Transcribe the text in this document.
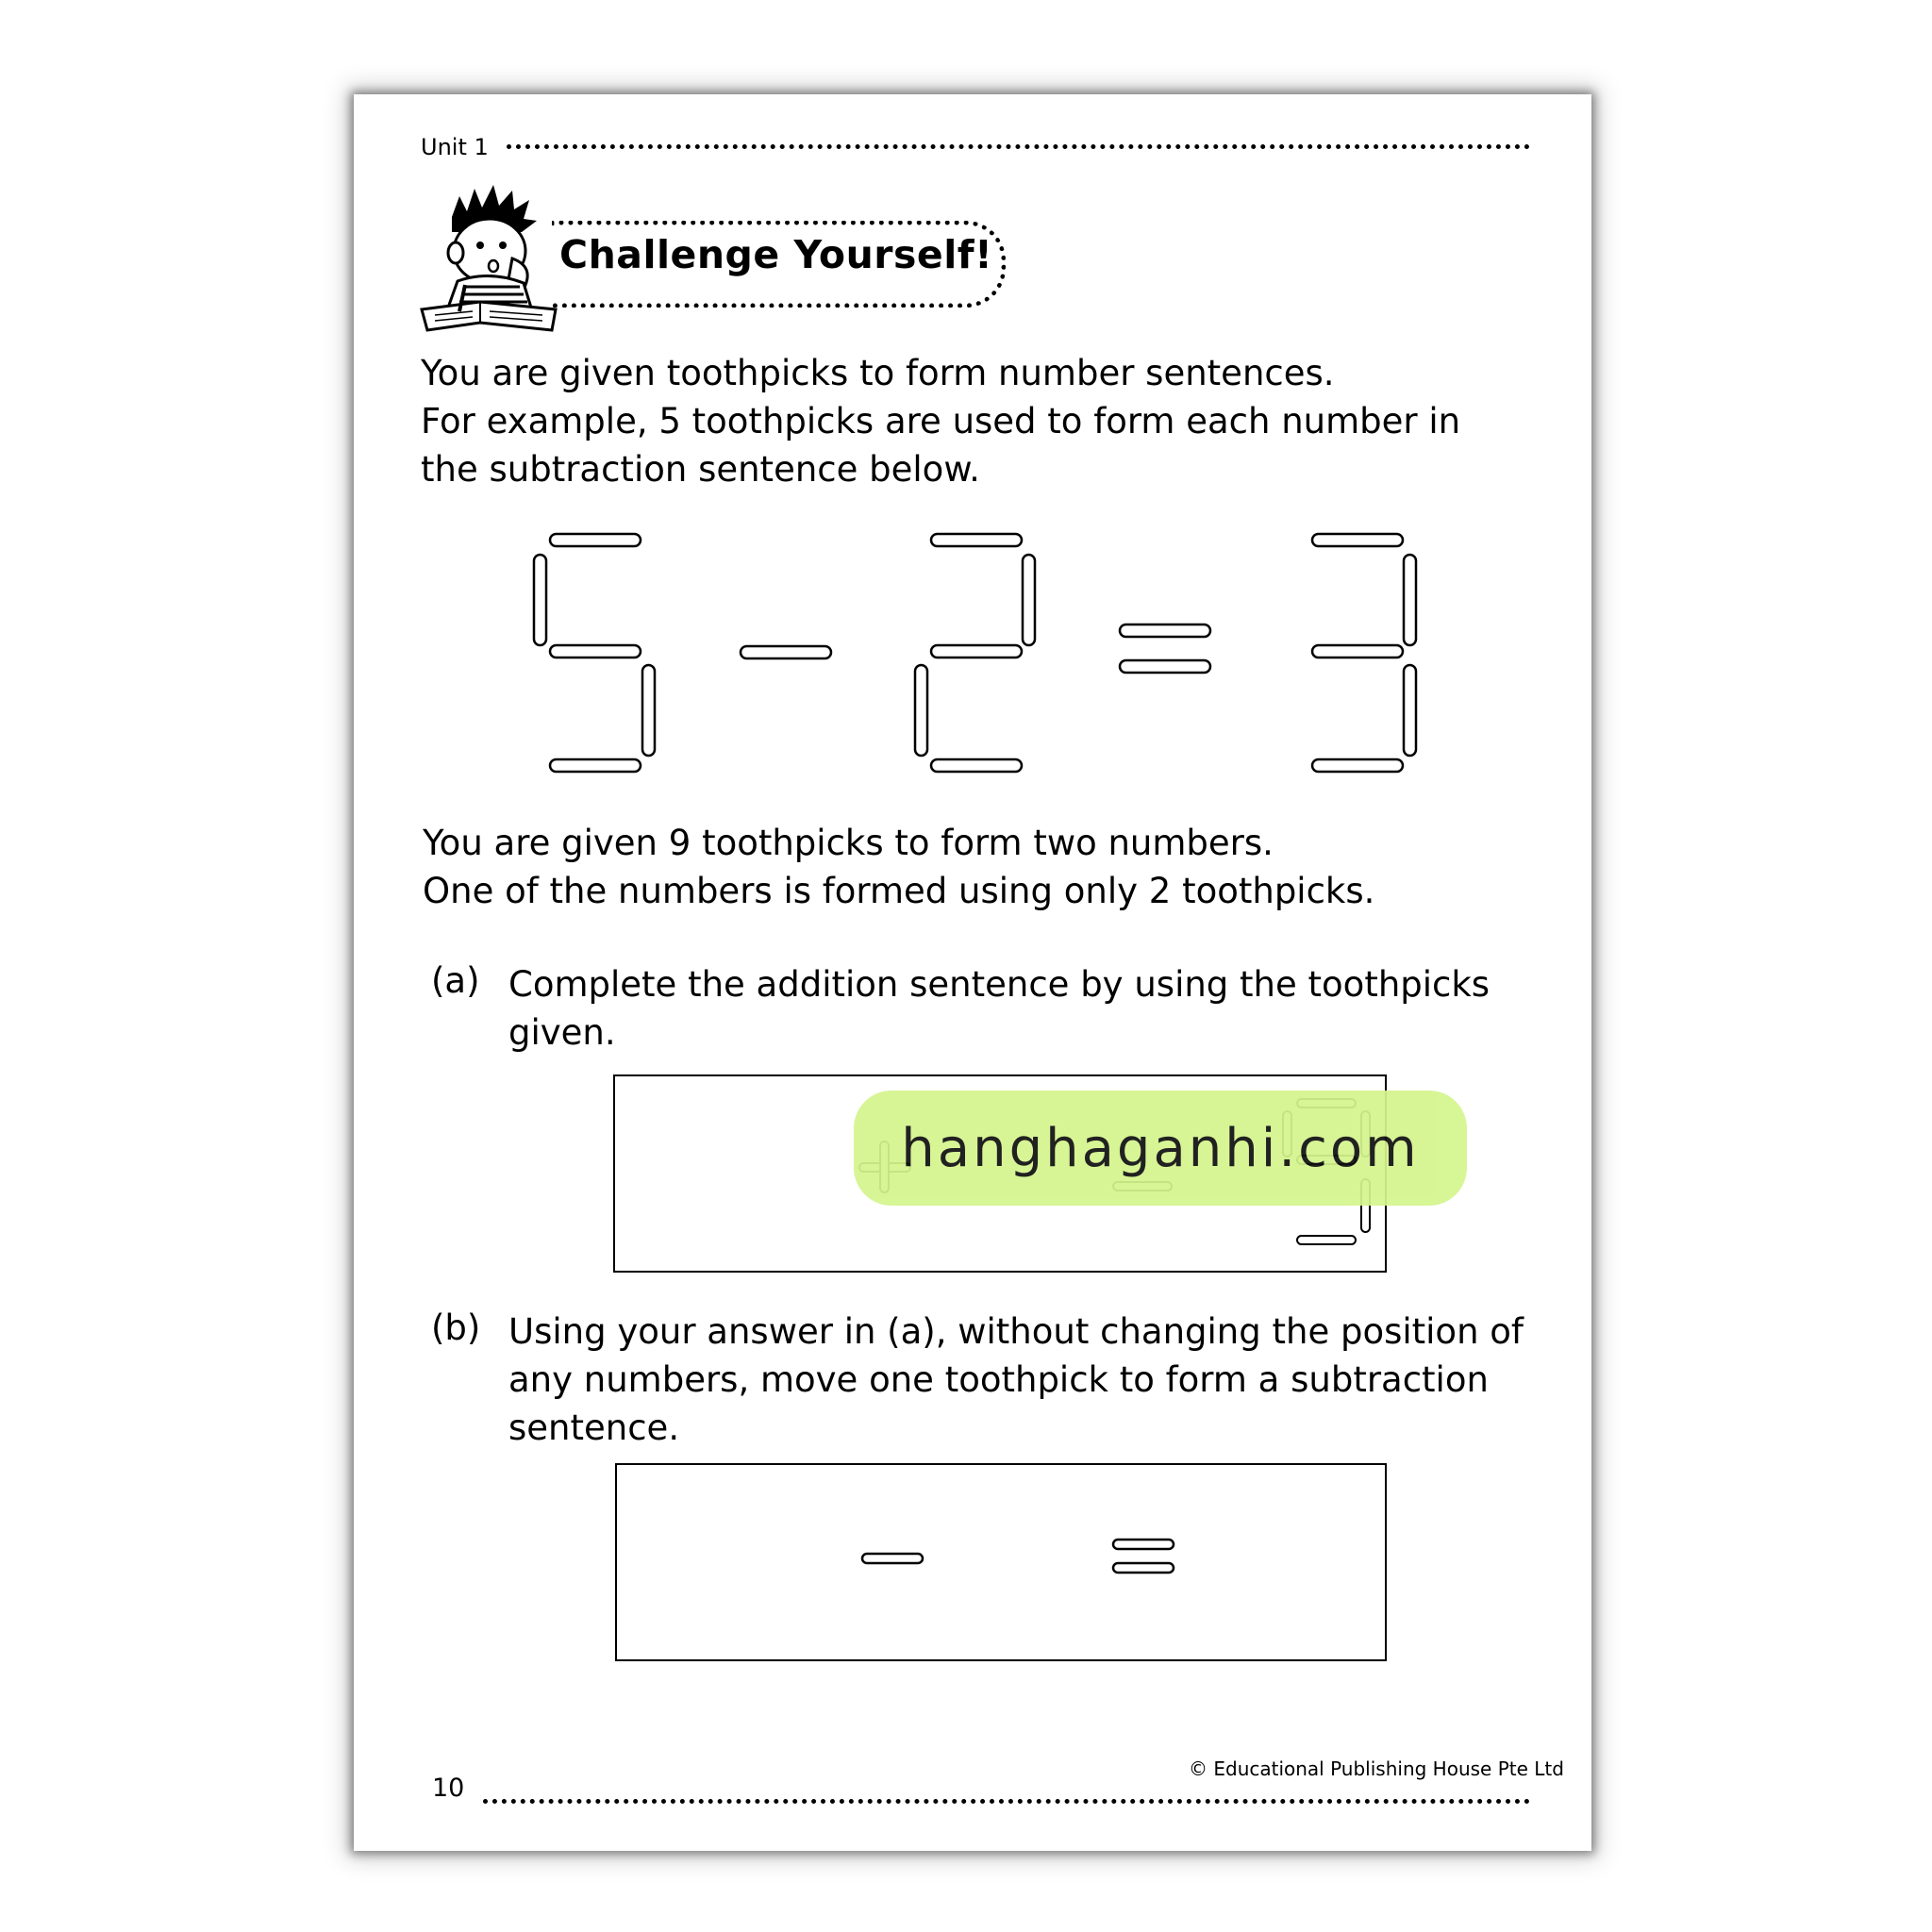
Unit 1
Challenge Yourself!
You are given toothpicks to form number sentences.
For example, 5 toothpicks are used to form each number in
the subtraction sentence below.
You are given 9 toothpicks to form two numbers.
One of the numbers is formed using only 2 toothpicks.
(a) Complete the addition sentence by using the toothpicks given.
hanghaganhi.com
(b) Using your answer in (a), without changing the position of any numbers, move one toothpick to form a subtraction sentence.
10
© Educational Publishing House Pte Ltd
